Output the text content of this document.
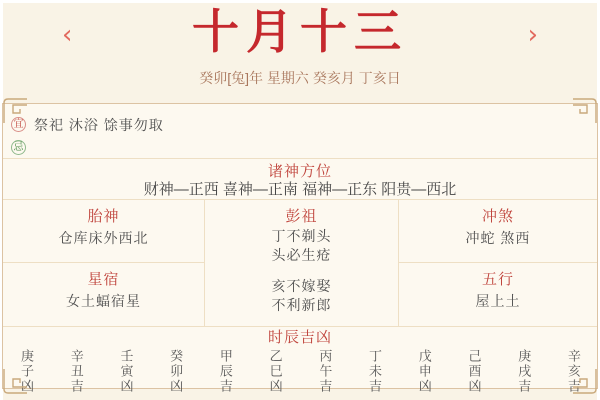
‹	›
十月十三
癸卯[兔]年 星期六 癸亥月 丁亥日
宜 祭祀 沐浴 馀事勿取
忌
诸神方位
财神—正西 喜神—正南 福神—正东 阳贵—西北
胎神
仓库床外西北
彭祖
丁不剃头
头必生疮
亥不嫁娶
不利新郎
冲煞
冲蛇 煞西
星宿
女土蝠宿星
五行
屋上土
时辰吉凶
庚子凶	辛丑吉	壬寅凶	癸卯凶	甲辰吉	乙巳凶	丙午吉	丁未吉	戊申凶	己酉凶	庚戌吉	辛亥吉
